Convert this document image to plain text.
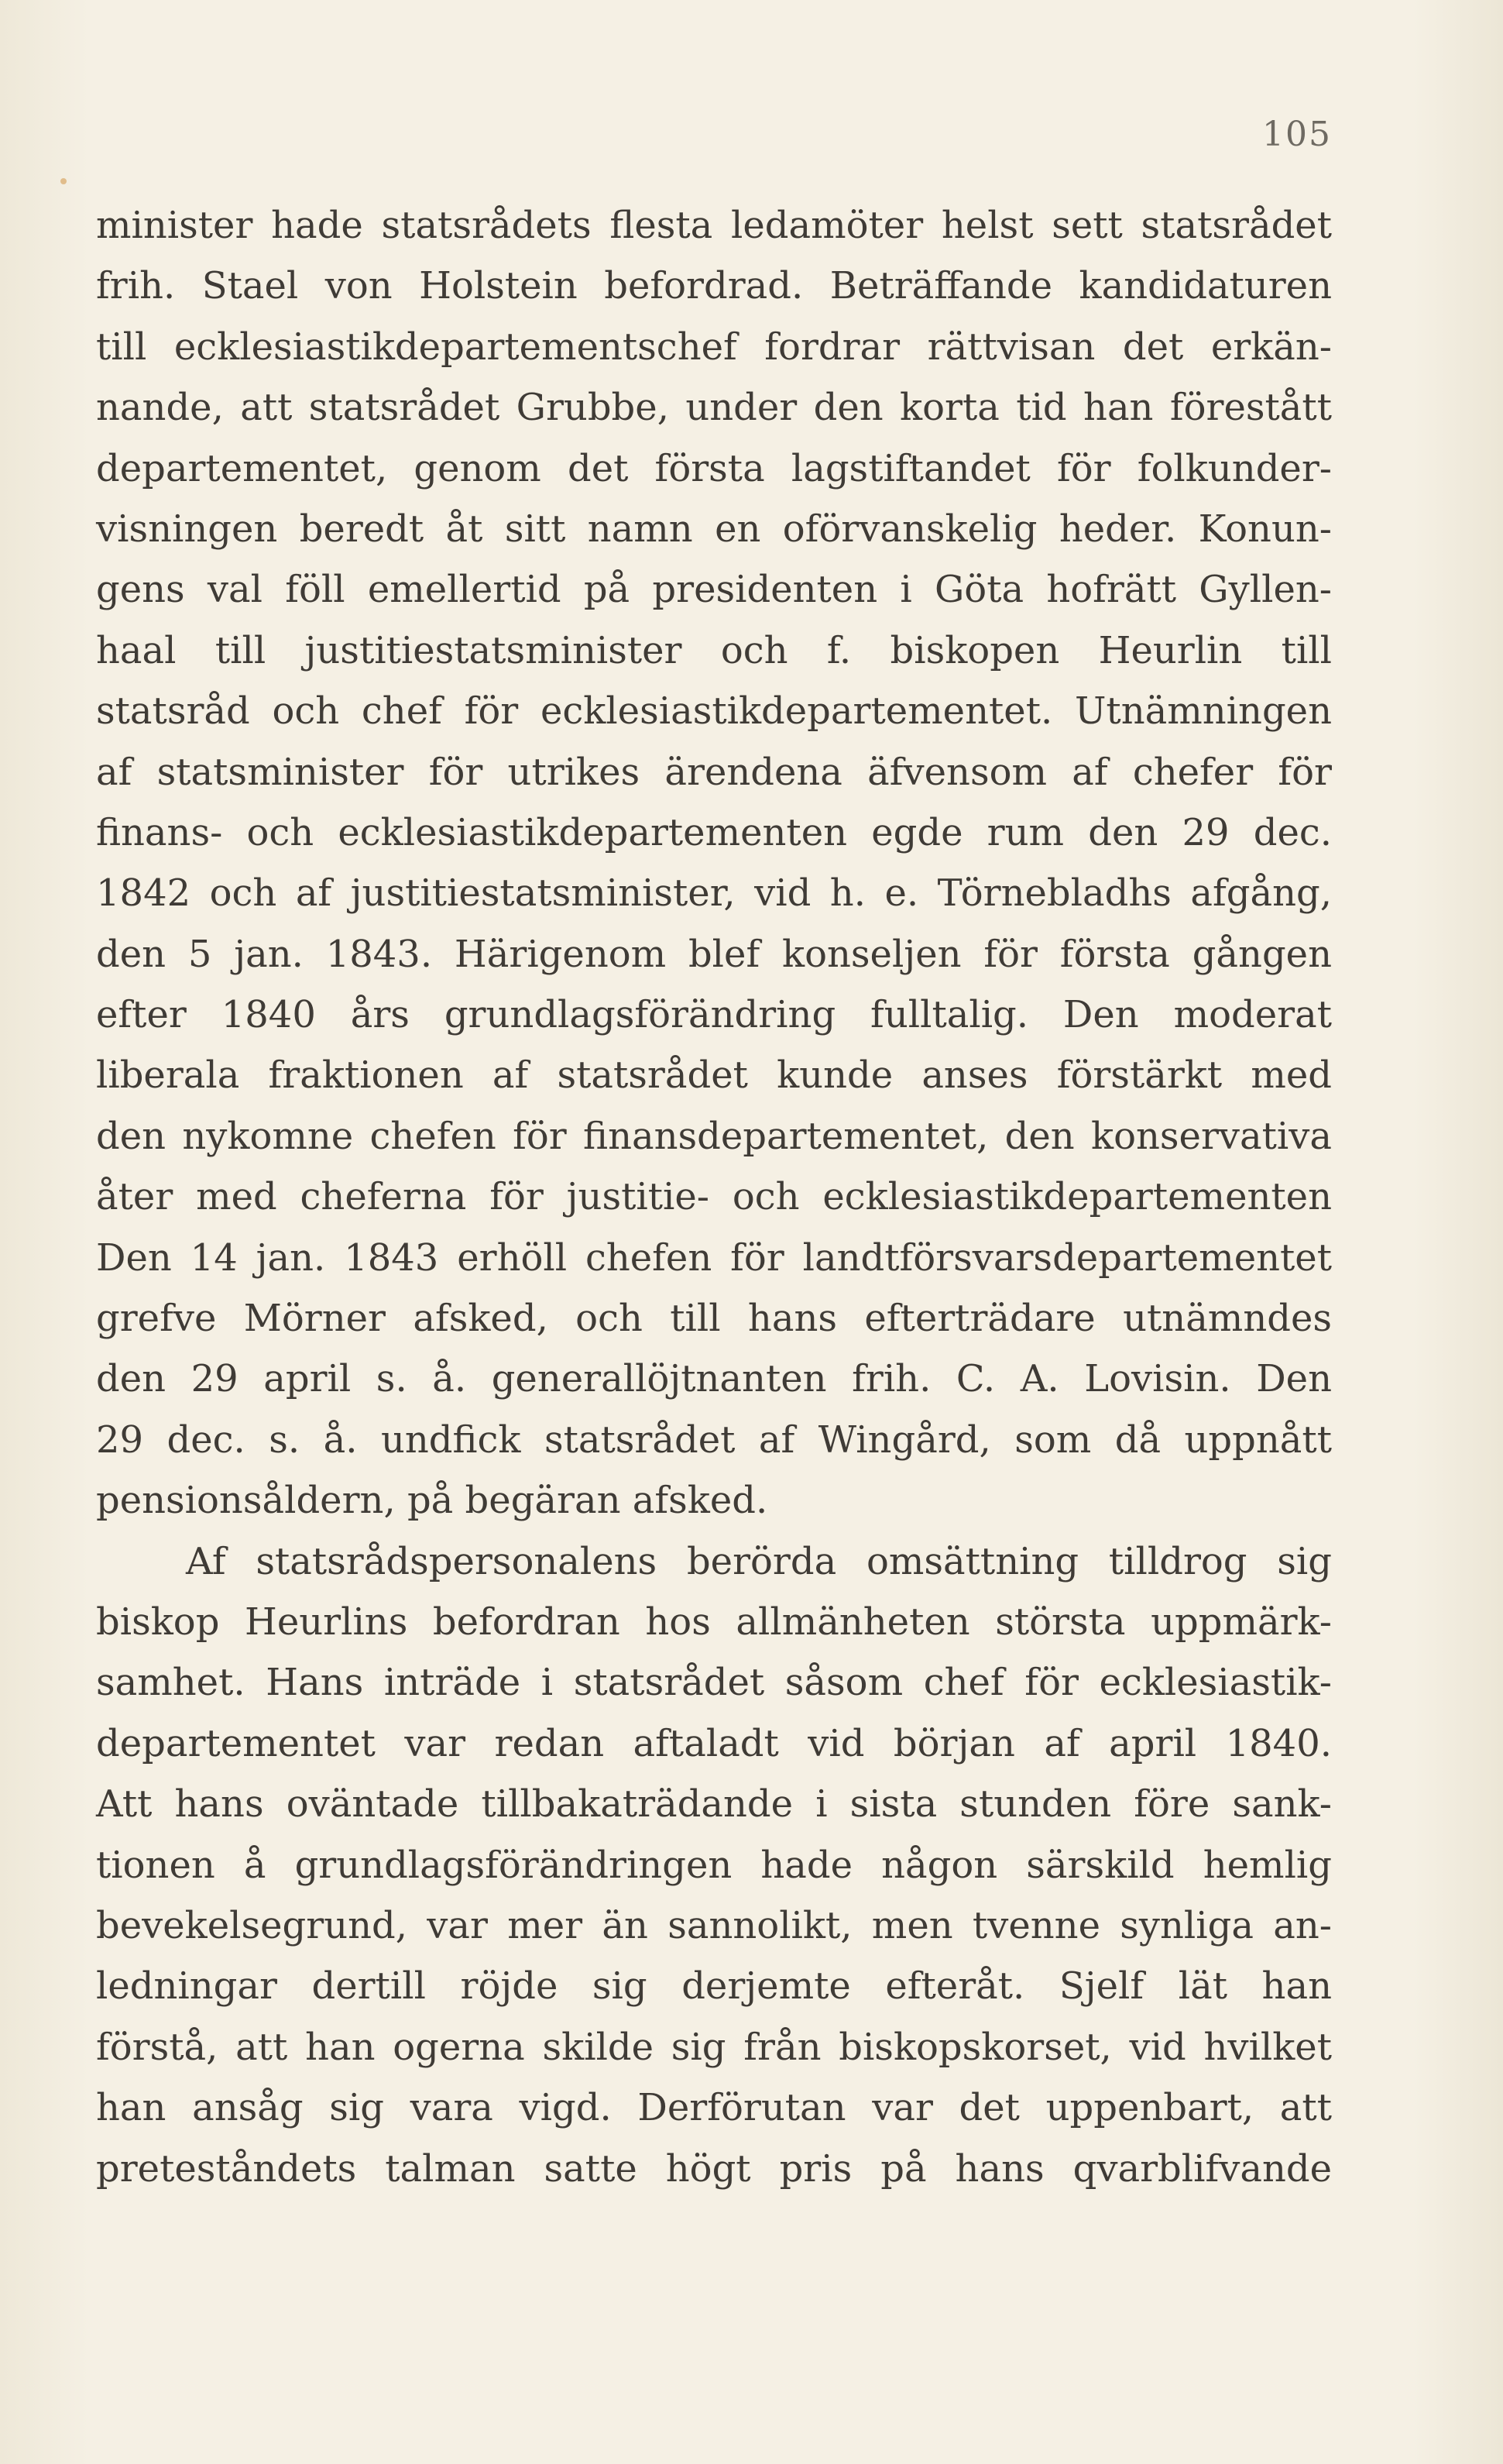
105
minister hade statsrådets flesta ledamöter helst sett statsrådet
frih. Stael von Holstein befordrad. Beträffande kandidaturen
till ecklesiastikdepartementschef fordrar rättvisan det erkän-
nande, att statsrådet Grubbe, under den korta tid han förestått
departementet, genom det första lagstiftandet för folkunder-
visningen beredt åt sitt namn en oförvanskelig heder. Konun-
gens val föll emellertid på presidenten i Göta hofrätt Gyllen-
haal till justitiestatsminister och f. biskopen Heurlin till
statsråd och chef för ecklesiastikdepartementet. Utnämningen
af statsminister för utrikes ärendena äfvensom af chefer för
finans- och ecklesiastikdepartementen egde rum den 29 dec.
1842 och af justitiestatsminister, vid h. e. Törnebladhs afgång,
den 5 jan. 1843. Härigenom blef konseljen för första gången
efter 1840 års grundlagsförändring fulltalig. Den moderat
liberala fraktionen af statsrådet kunde anses förstärkt med
den nykomne chefen för finansdepartementet, den konservativa
åter med cheferna för justitie- och ecklesiastikdepartementen
Den 14 jan. 1843 erhöll chefen för landtförsvarsdepartementet
grefve Mörner afsked, och till hans efterträdare utnämndes
den 29 april s. å. generallöjtnanten frih. C. A. Lovisin. Den
29 dec. s. å. undfick statsrådet af Wingård, som då uppnått
pensionsåldern, på begäran afsked.
Af statsrådspersonalens berörda omsättning tilldrog sig
biskop Heurlins befordran hos allmänheten största uppmärk-
samhet. Hans inträde i statsrådet såsom chef för ecklesiastik-
departementet var redan aftaladt vid början af april 1840.
Att hans oväntade tillbakaträdande i sista stunden före sank-
tionen å grundlagsförändringen hade någon särskild hemlig
bevekelsegrund, var mer än sannolikt, men tvenne synliga an-
ledningar dertill röjde sig derjemte efteråt. Sjelf lät han
förstå, att han ogerna skilde sig från biskopskorset, vid hvilket
han ansåg sig vara vigd. Derförutan var det uppenbart, att
preteståndets talman satte högt pris på hans qvarblifvande
